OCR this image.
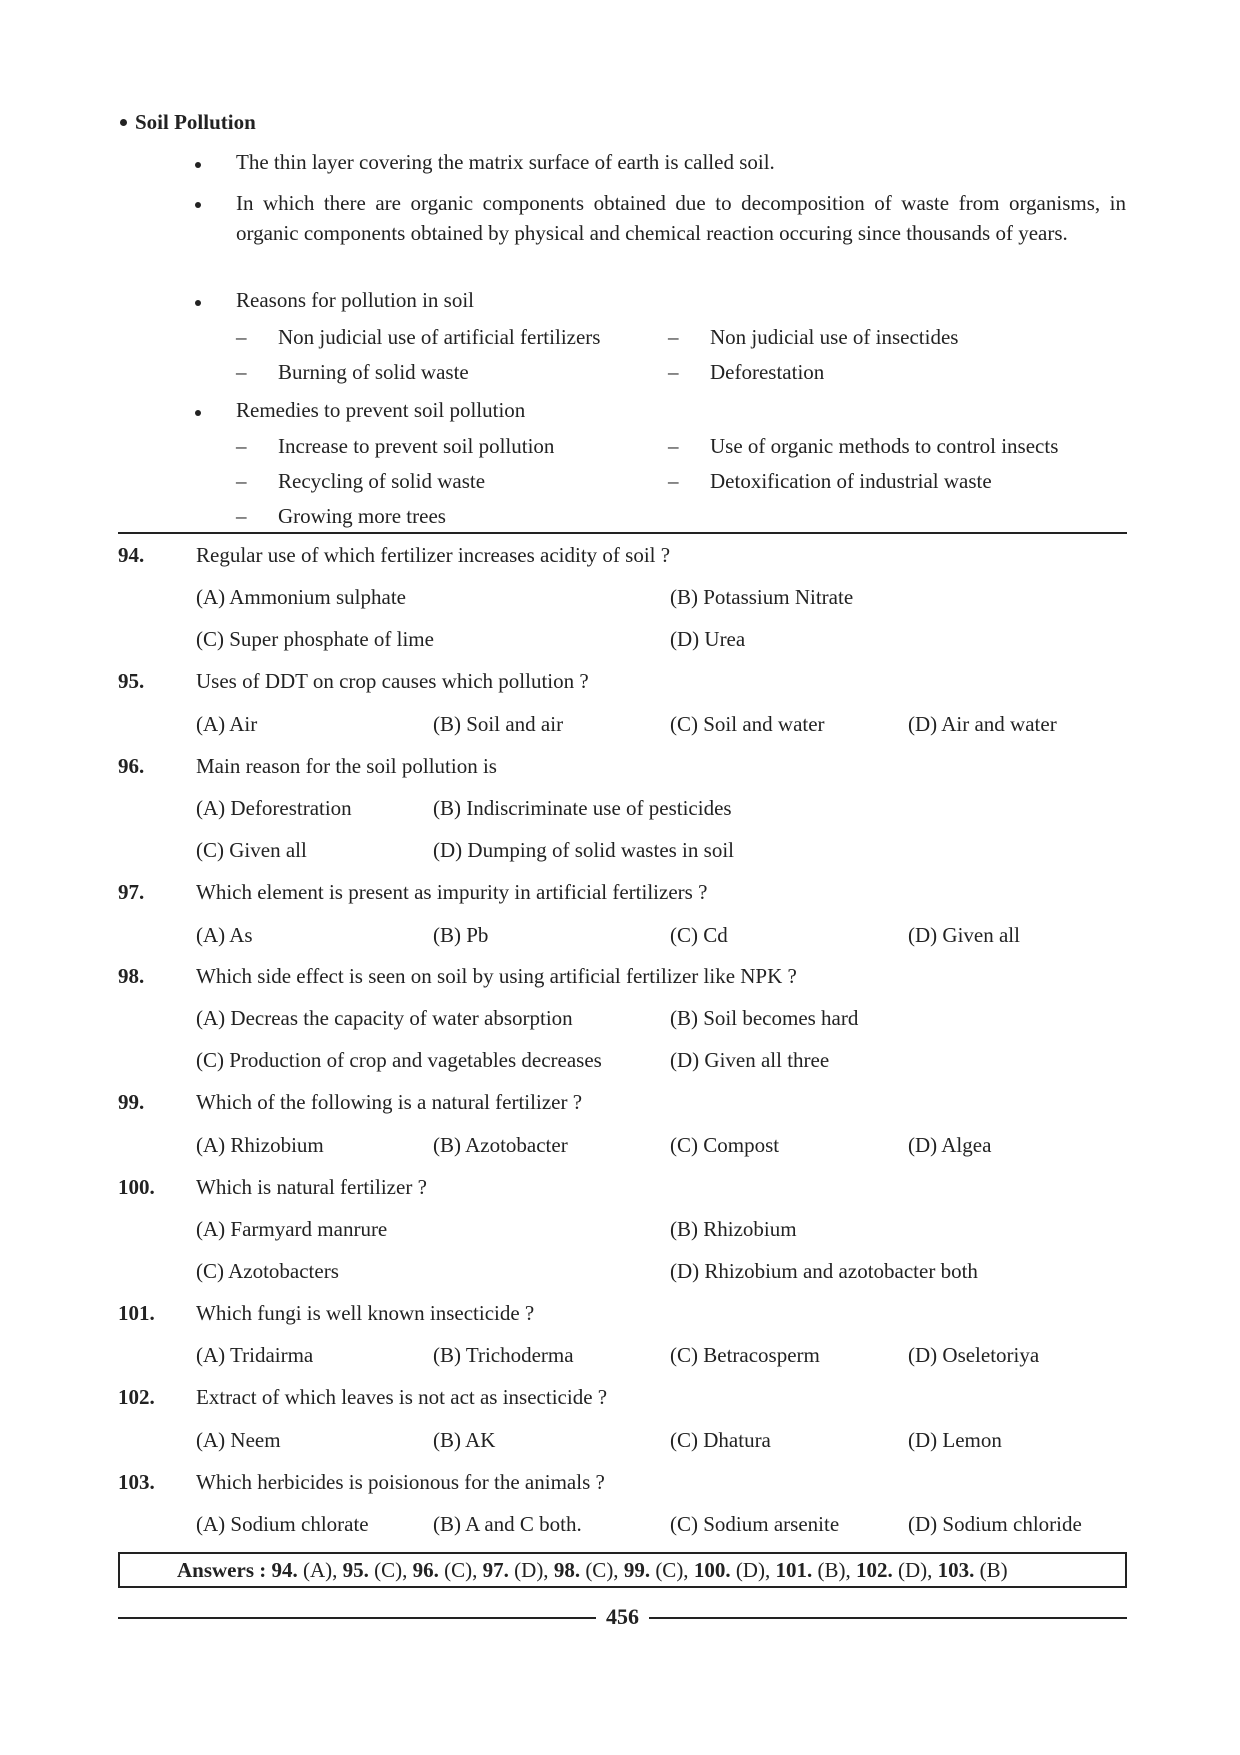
Soil Pollution
The thin layer covering the matrix surface of earth is called soil.
In which there are organic components obtained due to decomposition of waste from organisms, in organic components obtained by physical and chemical reaction occuring since thousands of years.
Reasons for pollution in soil
– Non judicial use of artificial fertilizers	– Non judicial use of insectides
– Burning of solid waste	– Deforestation
Remedies to prevent soil pollution
– Increase to prevent soil pollution	– Use of organic methods to control insects
– Recycling of solid waste	– Detoxification of industrial waste
– Growing more trees
94. Regular use of which fertilizer increases acidity of soil ?
(A) Ammonium sulphate	(B) Potassium Nitrate
(C) Super phosphate of lime	(D) Urea
95. Uses of DDT on crop causes which pollution ?
(A) Air	(B) Soil and air	(C) Soil and water	(D) Air and water
96. Main reason for the soil pollution is
(A) Deforestration	(B) Indiscriminate use of pesticides
(C) Given all	(D) Dumping of solid wastes in soil
97. Which element is present as impurity in artificial fertilizers ?
(A) As	(B) Pb	(C) Cd	(D) Given all
98. Which side effect is seen on soil by using artificial fertilizer like NPK ?
(A) Decreas the capacity of water absorption	(B) Soil becomes hard
(C) Production of crop and vagetables decreases	(D) Given all three
99. Which of the following is a natural fertilizer ?
(A) Rhizobium	(B) Azotobacter	(C) Compost	(D) Algea
100. Which is natural fertilizer ?
(A) Farmyard manrure	(B) Rhizobium
(C) Azotobacters	(D) Rhizobium and azotobacter both
101. Which fungi is well known insecticide ?
(A) Tridairma	(B) Trichoderma	(C) Betracosperm	(D) Oseletoriya
102. Extract of which leaves is not act as insecticide ?
(A) Neem	(B) AK	(C) Dhatura	(D) Lemon
103. Which herbicides is poisionous for the animals ?
(A) Sodium chlorate	(B) A and C both.	(C) Sodium arsenite	(D) Sodium chloride
Answers : 94. (A), 95. (C), 96. (C), 97. (D), 98. (C), 99. (C), 100. (D), 101. (B), 102. (D), 103. (B)
456
